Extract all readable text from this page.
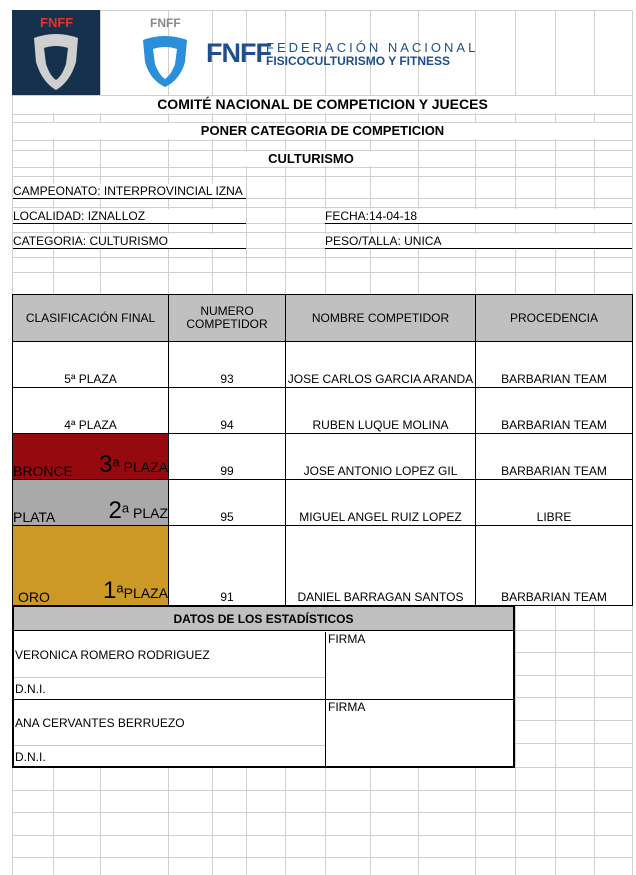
FNFF	FNFF
FNFF
FEDERACIÓN NACIONAL
FISICOCULTURISMO Y FITNESS
COMITÉ NACIONAL DE COMPETICION Y JUECES
PONER CATEGORIA DE COMPETICION
CULTURISMO
CAMPEONATO: INTERPROVINCIAL IZNA
LOCALIDAD: IZNALLOZ	FECHA:14-04-18
CATEGORIA: CULTURISMO	PESO/TALLA: UNICA
CLASIFICACIÓN FINAL	NUMERO COMPETIDOR	NOMBRE COMPETIDOR	PROCEDENCIA
5ª PLAZA	93	JOSE CARLOS GARCIA ARANDA	BARBARIAN TEAM
4ª PLAZA	94	RUBEN LUQUE MOLINA	BARBARIAN TEAM
BRONCE 3$^a$ PLAZA	99	JOSE ANTONIO LOPEZ GIL	BARBARIAN TEAM
PLATA 2$^a$ PLAZ	95	MIGUEL ANGEL RUIZ LOPEZ	LIBRE
ORO 1$^a$PLAZA	91	DANIEL BARRAGAN SANTOS	BARBARIAN TEAM
DATOS DE LOS ESTADÍSTICOS
VERONICA ROMERO RODRIGUEZ
D.N.I.
FIRMA
ANA CERVANTES BERRUEZO
D.N.I.
FIRMA
